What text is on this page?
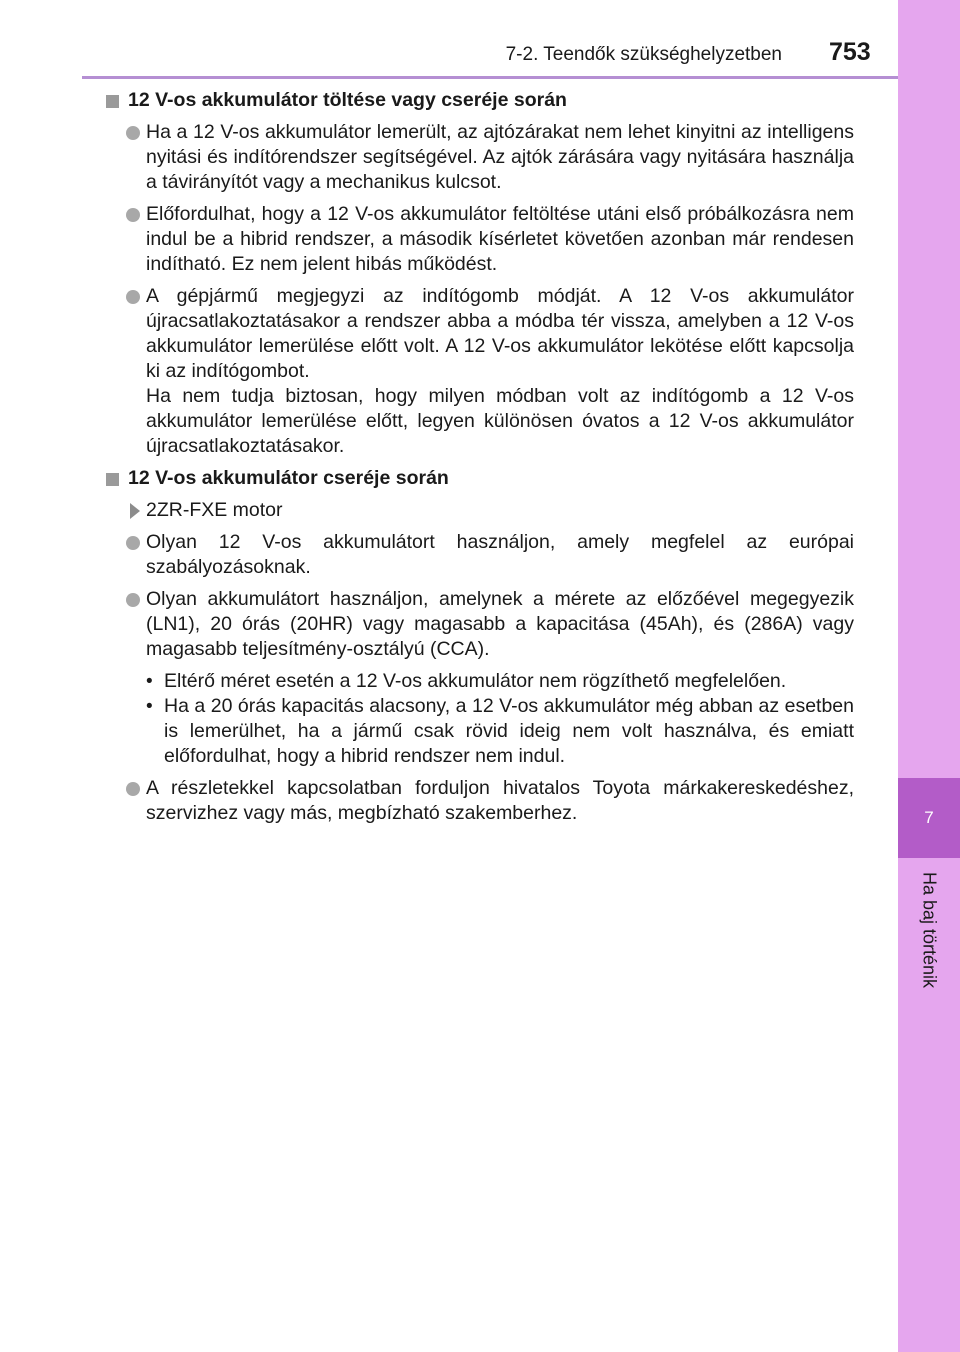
7-2. Teendők szükséghelyzetben 753
7
Ha baj történik
12 V-os akkumulátor töltése vagy cseréje során
Ha a 12 V-os akkumulátor lemerült, az ajtózárakat nem lehet kinyitni az intelligens nyitási és indítórendszer segítségével. Az ajtók zárására vagy nyitására használja a távirányítót vagy a mechanikus kulcsot.
Előfordulhat, hogy a 12 V-os akkumulátor feltöltése utáni első próbálkozásra nem indul be a hibrid rendszer, a második kísérletet követően azonban már rendesen indítható. Ez nem jelent hibás működést.

A gépjármű megjegyzi az indítógomb módját. A 12 V-os akkumulátor újracsatlakoztatásakor a rendszer abba a módba tér vissza, amelyben a 12 V-os akkumulátor lemerülése előtt volt. A 12 V-os akkumulátor lekötése előtt kapcsolja ki az indítógombot.

Ha nem tudja biztosan, hogy milyen módban volt az indítógomb a 12 V-os akkumulátor lemerülése előtt, legyen különösen óvatos a 12 V-os akkumulátor újracsatlakoztatásakor.

12 V-os akkumulátor cseréje során
2ZR-FXE motor
Olyan 12 V-os akkumulátort használjon, amely megfelel az európai szabályozásoknak.
Olyan akkumulátort használjon, amelynek a mérete az előzőével megegyezik (LN1), 20 órás (20HR) vagy magasabb a kapacitása (45Ah), és (286A) vagy magasabb teljesítmény-osztályú (CCA).
• Eltérő méret esetén a 12 V-os akkumulátor nem rögzíthető megfelelően.
• Ha a 20 órás kapacitás alacsony, a 12 V-os akkumulátor még abban az esetben is lemerülhet, ha a jármű csak rövid ideig nem volt használva, és emiatt előfordulhat, hogy a hibrid rendszer nem indul.
A részletekkel kapcsolatban forduljon hivatalos Toyota márkakereskedéshez, szervizhez vagy más, megbízható szakemberhez.
